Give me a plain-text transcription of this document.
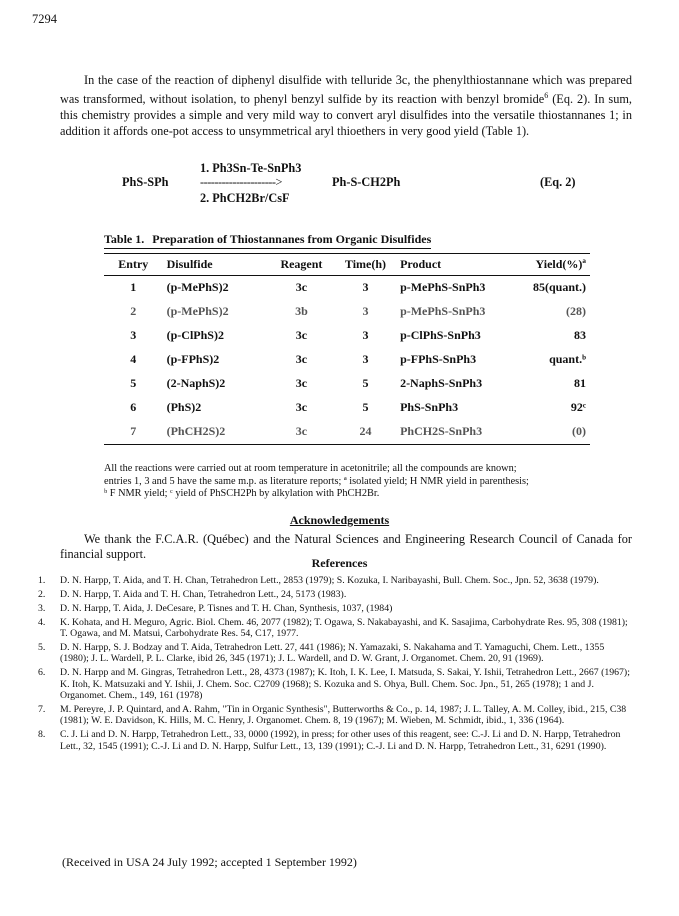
7294

In the case of the reaction of diphenyl disulfide with telluride 3c, the phenylthiostannane which was prepared was transformed, without isolation, to phenyl benzyl sulfide by its reaction with benzyl bromide$^6$ (Eq. 2). In sum, this chemistry provides a simple and very mild way to convert aryl disulfides into the versatile thiostannanes 1; in addition it affords one-pot access to unsymmetrical aryl thioethers in very good yield (Table 1).

PhS-SPh
1. Ph3Sn-Te-SnPh3
--------------------->
2. PhCH2Br/CsF
Ph-S-CH2Ph	(Eq. 2)
Table 1. Preparation of Thiostannanes from Organic Disulfides
Entry	Disulfide	Reagent	Time(h)	Product	Yield(%)ª
1	(p-MePhS)2	3c	3	p-MePhS-SnPh3	85(quant.)
2	(p-MePhS)2	3b	3	p-MePhS-SnPh3	(28)
3	(p-ClPhS)2	3c	3	p-ClPhS-SnPh3	83
4	(p-FPhS)2	3c	3	p-FPhS-SnPh3	quant.ᵇ
5	(2-NaphS)2	3c	5	2-NaphS-SnPh3	81
6	(PhS)2	3c	5	PhS-SnPh3	92ᶜ
7	(PhCH2S)2	3c	24	PhCH2S-SnPh3	(0)
All the reactions were carried out at room temperature in acetonitrile; all the compounds are known;
entries 1, 3 and 5 have the same m.p. as literature reports; ª isolated yield; H NMR yield in parenthesis;
ᵇ F NMR yield; ᶜ yield of PhSCH2Ph by alkylation with PhCH2Br.
Acknowledgements

We thank the F.C.A.R. (Québec) and the Natural Sciences and Engineering Research Council of Canada for financial support.

References
1.	D. N. Harpp, T. Aida, and T. H. Chan, Tetrahedron Lett., 2853 (1979); S. Kozuka, I. Naribayashi, Bull. Chem. Soc., Jpn. 52, 3638 (1979).
2.	D. N. Harpp, T. Aida and T. H. Chan, Tetrahedron Lett., 24, 5173 (1983).
3.	D. N. Harpp, T. Aida, J. DeCesare, P. Tisnes and T. H. Chan, Synthesis, 1037, (1984)
4.	K. Kohata, and H. Meguro, Agric. Biol. Chem. 46, 2077 (1982); T. Ogawa, S. Nakabayashi, and K. Sasajima, Carbohydrate Res. 95, 308 (1981); T. Ogawa, and M. Matsui, Carbohydrate Res. 54, C17, 1977.
5.	D. N. Harpp, S. J. Bodzay and T. Aida, Tetrahedron Lett. 27, 441 (1986); N. Yamazaki, S. Nakahama and T. Yamaguchi, Chem. Lett., 1355 (1980); J. L. Wardell, P. L. Clarke, ibid 26, 345 (1971); J. L. Wardell, and D. W. Grant, J. Organomet. Chem. 20, 91 (1969).
6.	D. N. Harpp and M. Gingras, Tetrahedron Lett., 28, 4373 (1987); K. Itoh, I. K. Lee, I. Matsuda, S. Sakai, Y. Ishii, Tetrahedron Lett., 2667 (1967); K. Itoh, K. Matsuzaki and Y. Ishii, J. Chem. Soc. C2709 (1968); S. Kozuka and S. Ohya, Bull. Chem. Soc. Jpn., 51, 265 (1978); 1 and J. Organomet. Chem., 149, 161 (1978)
7.	M. Pereyre, J. P. Quintard, and A. Rahm, "Tin in Organic Synthesis", Butterworths & Co., p. 14, 1987; J. L. Talley, A. M. Colley, ibid., 215, C38 (1981); W. E. Davidson, K. Hills, M. C. Henry, J. Organomet. Chem. 8, 19 (1967); M. Wieben, M. Schmidt, ibid., 1, 336 (1964).
8.	C. J. Li and D. N. Harpp, Tetrahedron Lett., 33, 0000 (1992), in press; for other uses of this reagent, see: C.-J. Li and D. N. Harpp, Tetrahedron Lett., 32, 1545 (1991); C.-J. Li and D. N. Harpp, Sulfur Lett., 13, 139 (1991); C.-J. Li and D. N. Harpp, Tetrahedron Lett., 31, 6291 (1990).
(Received in USA 24 July 1992; accepted 1 September 1992)
